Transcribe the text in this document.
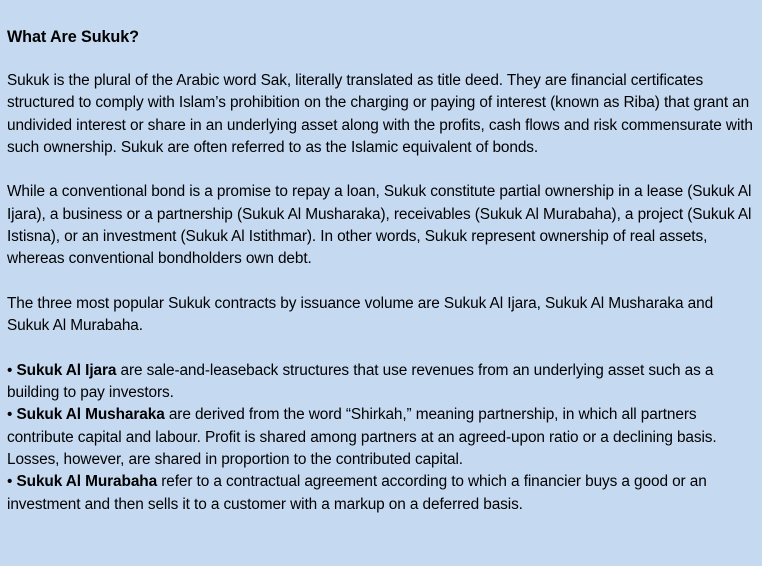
What Are Sukuk?

Sukuk is the plural of the Arabic word Sak, literally translated as title deed. They are financial certificates structured to comply with Islam’s prohibition on the charging or paying of interest (known as Riba) that grant an undivided interest or share in an underlying asset along with the profits, cash flows and risk commensurate with such ownership. Sukuk are often referred to as the Islamic equivalent of bonds.

While a conventional bond is a promise to repay a loan, Sukuk constitute partial ownership in a lease (Sukuk Al Ijara), a business or a partnership (Sukuk Al Musharaka), receivables (Sukuk Al Murabaha), a project (Sukuk Al Istisna), or an investment (Sukuk Al Istithmar). In other words, Sukuk represent ownership of real assets, whereas conventional bondholders own debt.

The three most popular Sukuk contracts by issuance volume are Sukuk Al Ijara, Sukuk Al Musharaka and Sukuk Al Murabaha.

• Sukuk Al Ijara are sale-and-leaseback structures that use revenues from an underlying asset such as a building to pay investors.
• Sukuk Al Musharaka are derived from the word “Shirkah,” meaning partnership, in which all partners contribute capital and labour. Profit is shared among partners at an agreed-upon ratio or a declining basis. Losses, however, are shared in proportion to the contributed capital.
• Sukuk Al Murabaha refer to a contractual agreement according to which a financier buys a good or an investment and then sells it to a customer with a markup on a deferred basis.
